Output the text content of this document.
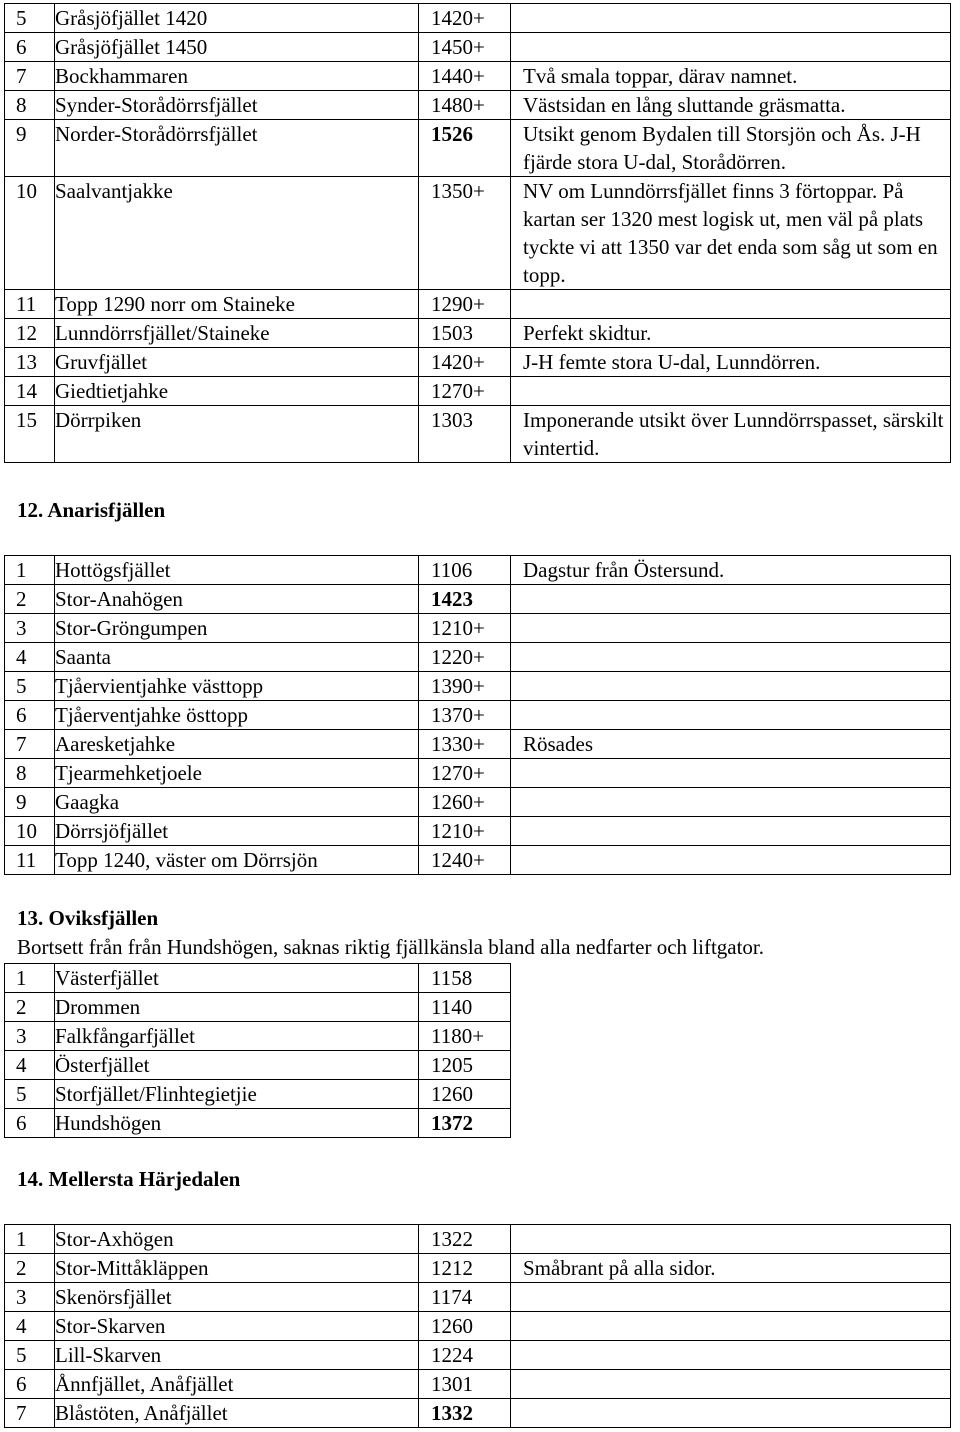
5	Gråsjöfjället 1420	1420+	
6	Gråsjöfjället 1450	1450+	
7	Bockhammaren	1440+	Två smala toppar, därav namnet.
8	Synder-Storådörrsfjället	1480+	Västsidan en lång sluttande gräsmatta.
9	Norder-Storådörrsfjället	1526	Utsikt genom Bydalen till Storsjön och Ås. J-H fjärde stora U-dal, Storådörren.
10	Saalvantjakke	1350+	NV om Lunndörrsfjället finns 3 förtoppar. På kartan ser 1320 mest logisk ut, men väl på plats tyckte vi att 1350 var det enda som såg ut som en topp.
11	Topp 1290 norr om Staineke	1290+	
12	Lunndörrsfjället/Staineke	1503	Perfekt skidtur.
13	Gruvfjället	1420+	J-H femte stora U-dal, Lunndörren.
14	Giedtietjahke	1270+	
15	Dörrpiken	1303	Imponerande utsikt över Lunndörrspasset, särskilt vintertid.
12. Anarisfjällen
1	Hottögsfjället	1106	Dagstur från Östersund.
2	Stor-Anahögen	1423	
3	Stor-Gröngumpen	1210+	
4	Saanta	1220+	
5	Tjåervientjahke västtopp	1390+	
6	Tjåerventjahke östtopp	1370+	
7	Aaresketjahke	1330+	Rösades
8	Tjearmehketjoele	1270+	
9	Gaagka	1260+	
10	Dörrsjöfjället	1210+	
11	Topp 1240, väster om Dörrsjön	1240+	
13. Oviksfjällen
Bortsett från från Hundshögen, saknas riktig fjällkänsla bland alla nedfarter och liftgator.
1	Västerfjället	1158
2	Drommen	1140
3	Falkfångarfjället	1180+
4	Österfjället	1205
5	Storfjället/Flinhtegietjie	1260
6	Hundshögen	1372
14. Mellersta Härjedalen
1	Stor-Axhögen	1322	
2	Stor-Mittåkläppen	1212	Småbrant på alla sidor.
3	Skenörsfjället	1174	
4	Stor-Skarven	1260	
5	Lill-Skarven	1224	
6	Ånnfjället, Anåfjället	1301	
7	Blåstöten, Anåfjället	1332	
